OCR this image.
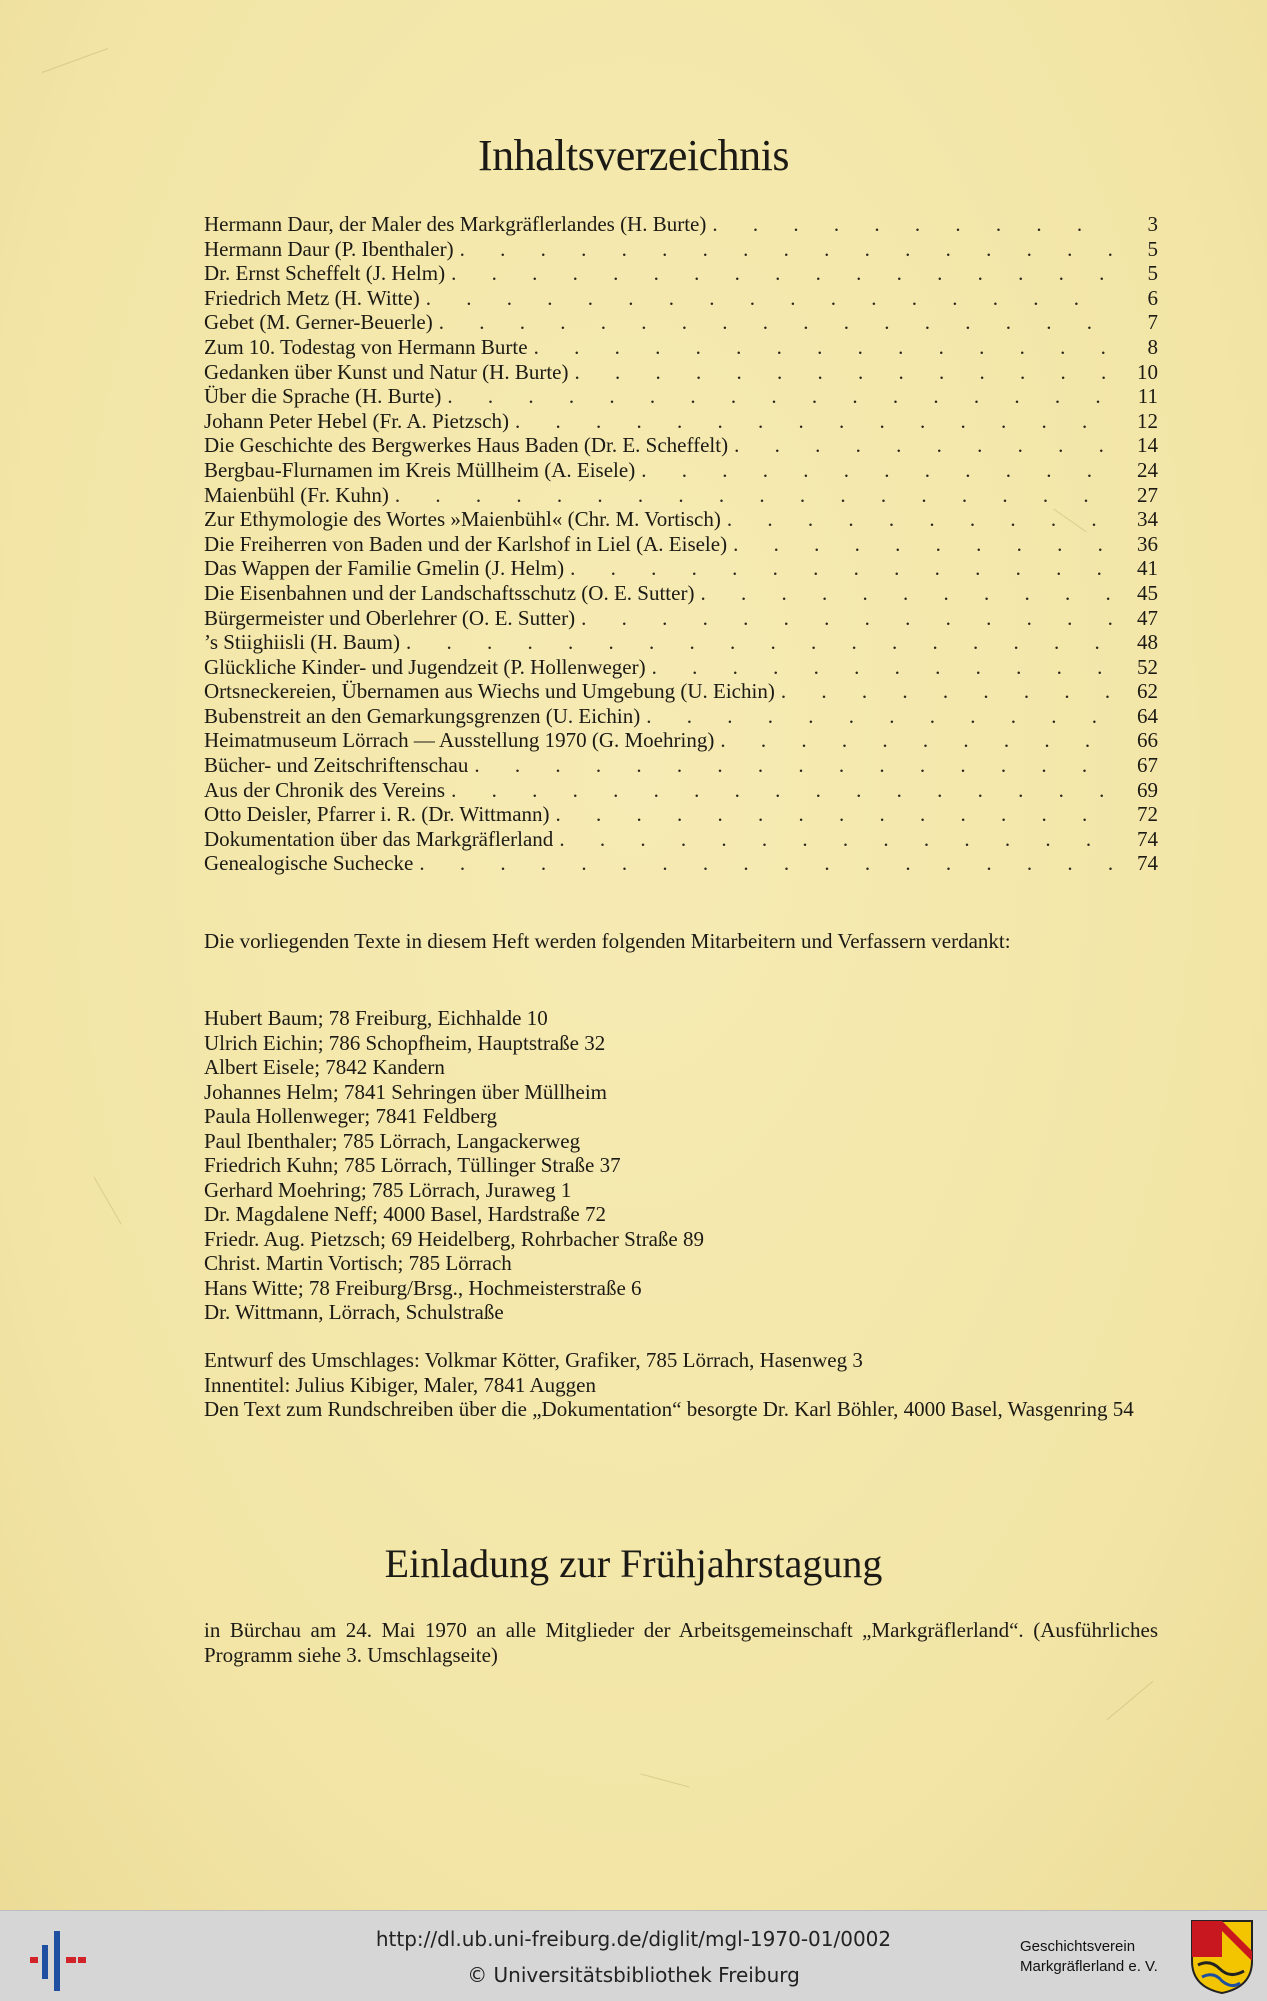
Inhaltsverzeichnis
Hermann Daur, der Maler des Markgräflerlandes (H. Burte) . . .	3
Hermann Daur (P. Ibenthaler) . . .	5
Dr. Ernst Scheffelt (J. Helm) . . .	5
Friedrich Metz (H. Witte) . . .	6
Gebet (M. Gerner-Beuerle) . . .	7
Zum 10. Todestag von Hermann Burte . . .	8
Gedanken über Kunst und Natur (H. Burte) . . .	10
Über die Sprache (H. Burte) . . .	11
Johann Peter Hebel (Fr. A. Pietzsch) . . .	12
Die Geschichte des Bergwerkes Haus Baden (Dr. E. Scheffelt) . . .	14
Bergbau-Flurnamen im Kreis Müllheim (A. Eisele) . . .	24
Maienbühl (Fr. Kuhn) . . .	27
Zur Ethymologie des Wortes »Maienbühl« (Chr. M. Vortisch) . . .	34
Die Freiherren von Baden und der Karlshof in Liel (A. Eisele) . . .	36
Das Wappen der Familie Gmelin (J. Helm) . . .	41
Die Eisenbahnen und der Landschaftsschutz (O. E. Sutter) . . .	45
Bürgermeister und Oberlehrer (O. E. Sutter) . . .	47
’s Stiighiisli (H. Baum) . . .	48
Glückliche Kinder- und Jugendzeit (P. Hollenweger) . . .	52
Ortsneckereien, Übernamen aus Wiechs und Umgebung (U. Eichin) . . .	62
Bubenstreit an den Gemarkungsgrenzen (U. Eichin) . . .	64
Heimatmuseum Lörrach — Ausstellung 1970 (G. Moehring) . . .	66
Bücher- und Zeitschriftenschau . . .	67
Aus der Chronik des Vereins . . .	69
Otto Deisler, Pfarrer i. R. (Dr. Wittmann) . . .	72
Dokumentation über das Markgräflerland . . .	74
Genealogische Suchecke . . .	74
Die vorliegenden Texte in diesem Heft werden folgenden Mitarbeitern und Verfassern verdankt:
Hubert Baum; 78 Freiburg, Eichhalde 10
Ulrich Eichin; 786 Schopfheim, Hauptstraße 32
Albert Eisele; 7842 Kandern
Johannes Helm; 7841 Sehringen über Müllheim
Paula Hollenweger; 7841 Feldberg
Paul Ibenthaler; 785 Lörrach, Langackerweg
Friedrich Kuhn; 785 Lörrach, Tüllinger Straße 37
Gerhard Moehring; 785 Lörrach, Juraweg 1
Dr. Magdalene Neff; 4000 Basel, Hardstraße 72
Friedr. Aug. Pietzsch; 69 Heidelberg, Rohrbacher Straße 89
Christ. Martin Vortisch; 785 Lörrach
Hans Witte; 78 Freiburg/Brsg., Hochmeisterstraße 6
Dr. Wittmann, Lörrach, Schulstraße
Entwurf des Umschlages: Volkmar Kötter, Grafiker, 785 Lörrach, Hasenweg 3
Innentitel: Julius Kibiger, Maler, 7841 Auggen
Den Text zum Rundschreiben über die „Dokumentation“ besorgte Dr. Karl Böhler, 4000 Basel, Wasgenring 54
Einladung zur Frühjahrstagung
in Bürchau am 24. Mai 1970 an alle Mitglieder der Arbeitsgemeinschaft „Markgräflerland“. (Ausführliches Programm siehe 3. Umschlagseite)
http://dl.ub.uni-freiburg.de/diglit/mgl-1970-01/0002
© Universitätsbibliothek Freiburg
Geschichtsverein
Markgräflerland e. V.
